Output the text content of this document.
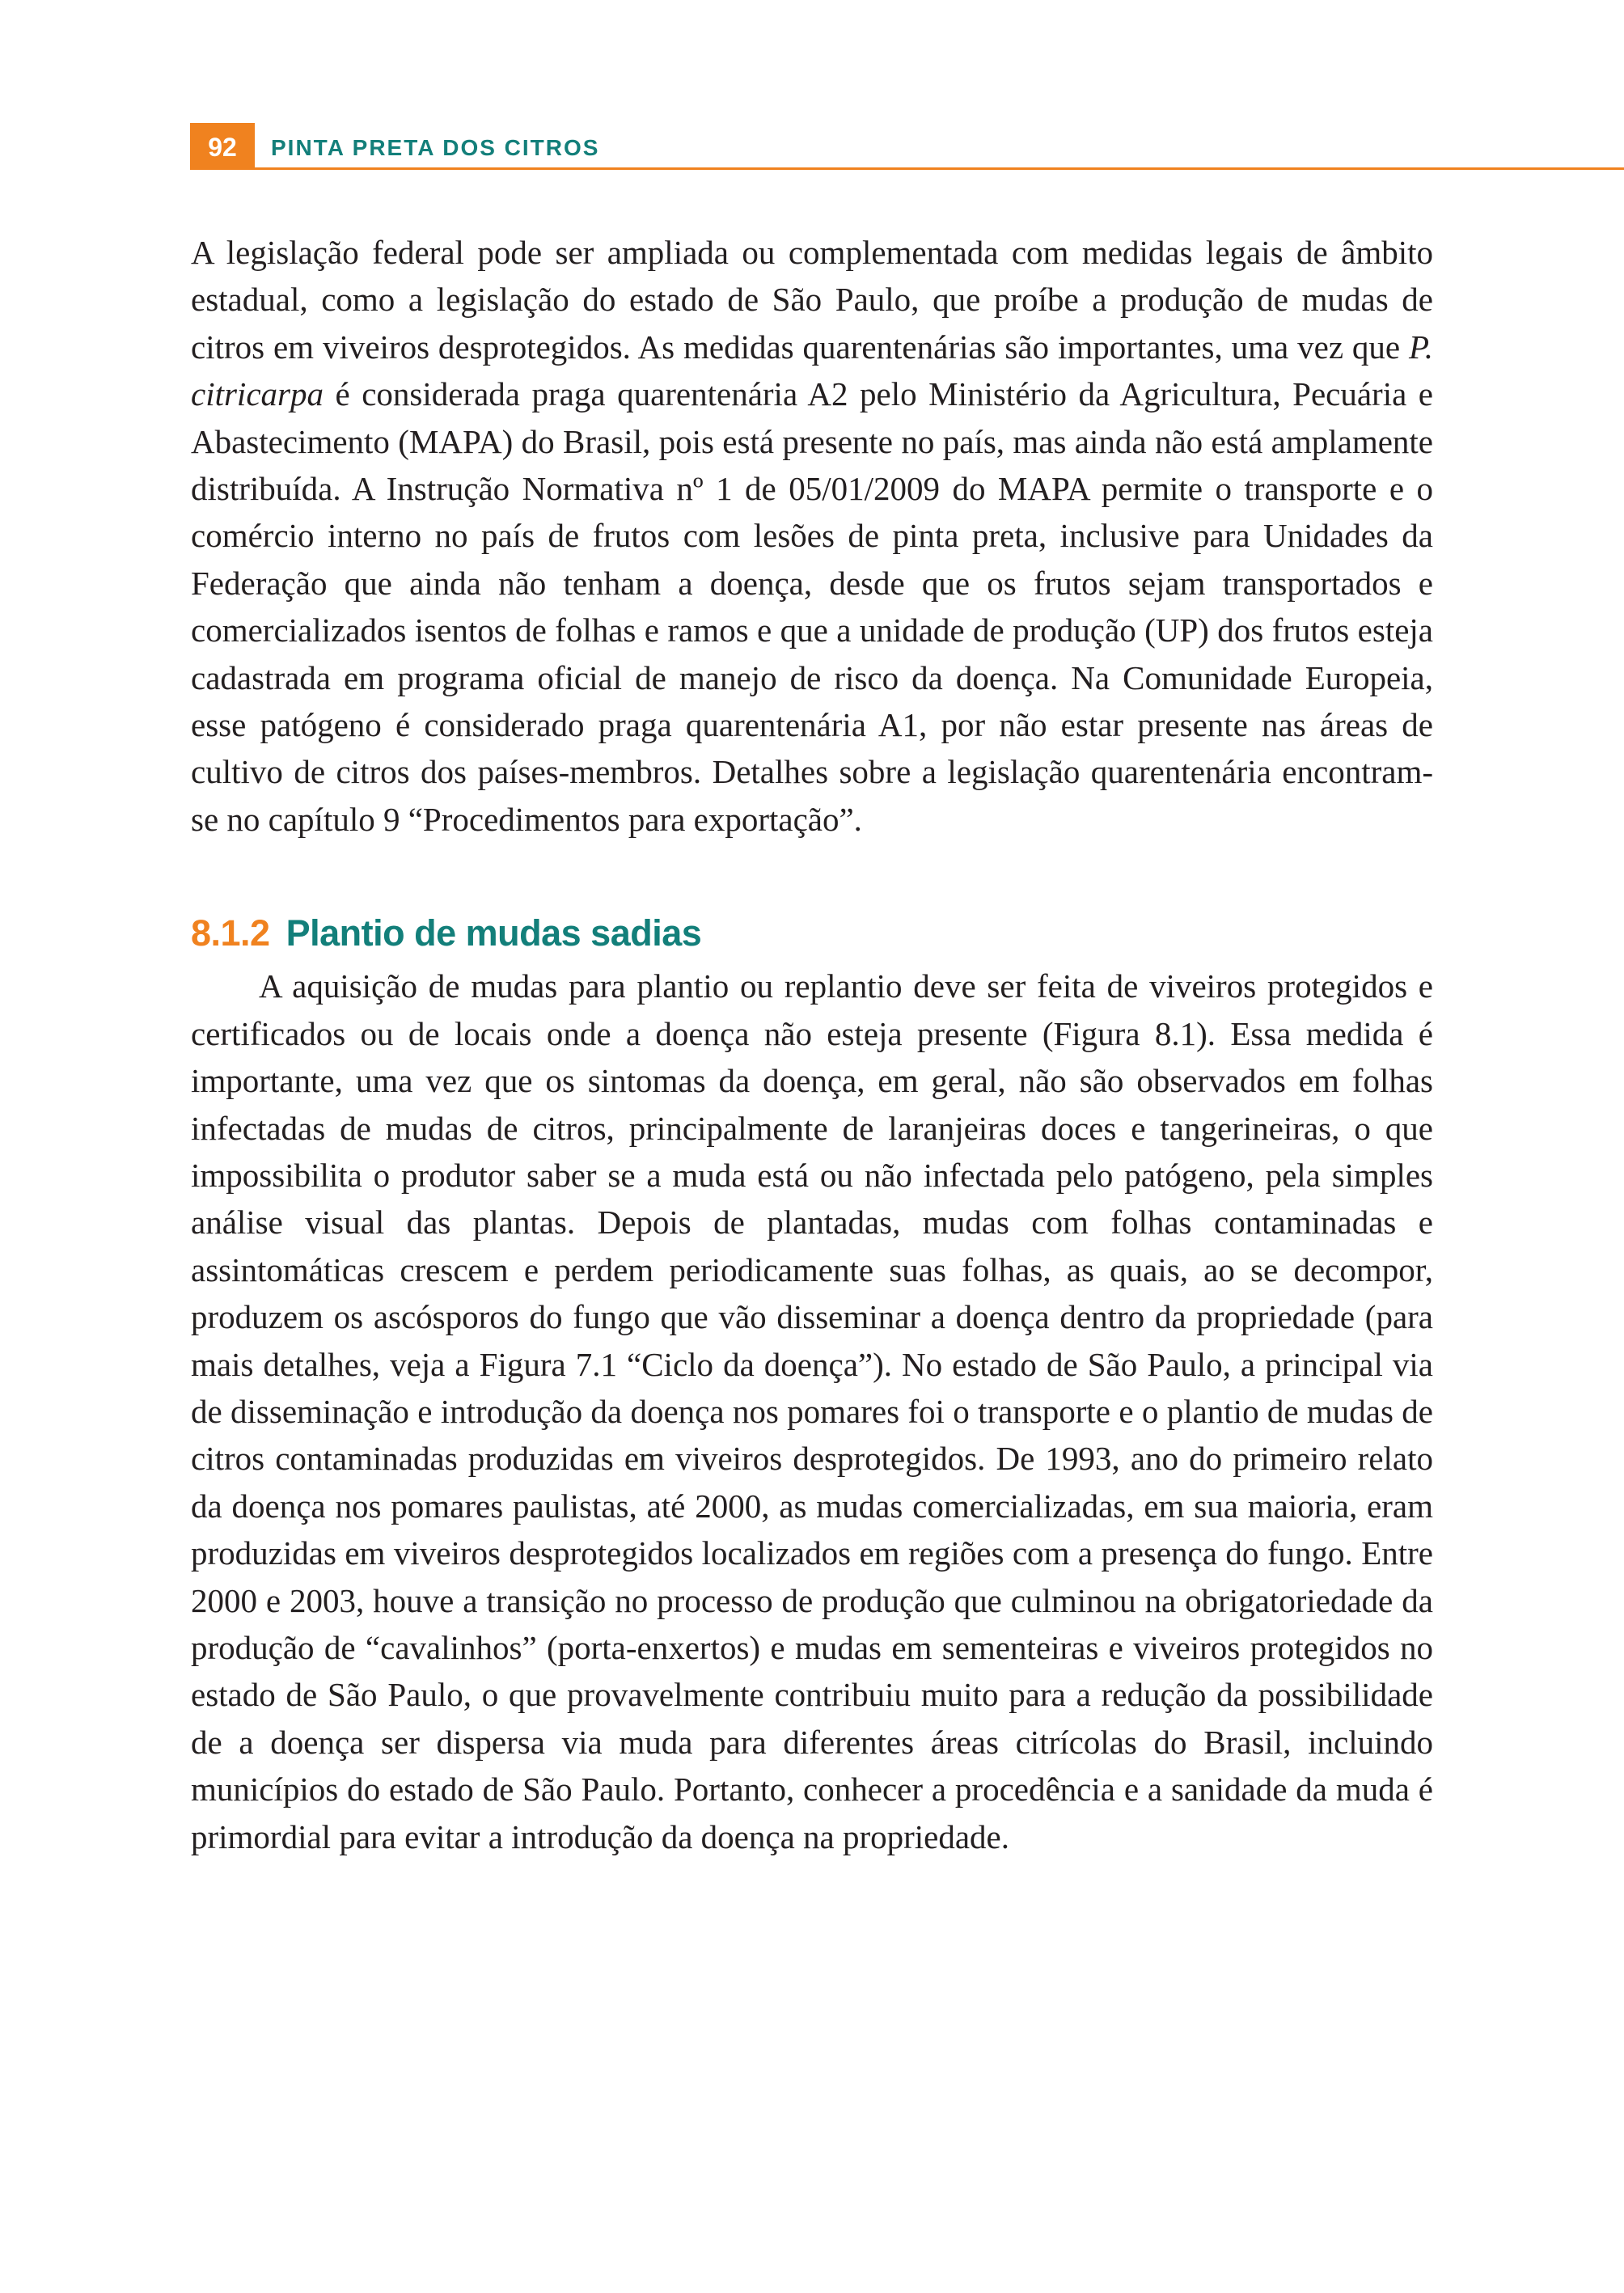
92	PINTA PRETA DOS CITROS

A legislação federal pode ser ampliada ou complementada com medidas legais de âmbito estadual, como a legislação do estado de São Paulo, que proíbe a produção de mudas de citros em viveiros desprotegidos. As medidas quarentenárias são importantes, uma vez que P. citricarpa é considerada praga quarentenária A2 pelo Ministério da Agricultura, Pecuária e Abastecimento (MAPA) do Brasil, pois está presente no país, mas ainda não está amplamente distribuída. A Instrução Normativa nº 1 de 05/01/2009 do MAPA permite o transporte e o comércio interno no país de frutos com lesões de pinta preta, inclusive para Unidades da Federação que ainda não tenham a doença, desde que os frutos sejam transportados e comercializados isentos de folhas e ramos e que a unidade de produção (UP) dos frutos esteja cadastrada em programa oficial de manejo de risco da doença. Na Comunidade Europeia, esse patógeno é considerado praga quarentenária A1, por não estar presente nas áreas de cultivo de citros dos países-membros. Detalhes sobre a legislação quarentenária encontram-se no capítulo 9 “Procedimentos para exportação”.

8.1.2 Plantio de mudas sadias

A aquisição de mudas para plantio ou replantio deve ser feita de viveiros protegidos e certificados ou de locais onde a doença não esteja presente (Figura 8.1). Essa medida é importante, uma vez que os sintomas da doença, em geral, não são observados em folhas infectadas de mudas de citros, principalmente de laranjeiras doces e tangerineiras, o que impossibilita o produtor saber se a muda está ou não infectada pelo patógeno, pela simples análise visual das plantas. Depois de plantadas, mudas com folhas contaminadas e assintomáticas crescem e perdem periodicamente suas folhas, as quais, ao se decompor, produzem os ascósporos do fungo que vão disseminar a doença dentro da propriedade (para mais detalhes, veja a Figura 7.1 “Ciclo da doença”). No estado de São Paulo, a principal via de disseminação e introdução da doença nos pomares foi o transporte e o plantio de mudas de citros contaminadas produzidas em viveiros desprotegidos. De 1993, ano do primeiro relato da doença nos pomares paulistas, até 2000, as mudas comercializadas, em sua maioria, eram produzidas em viveiros desprotegidos localizados em regiões com a presença do fungo. Entre 2000 e 2003, houve a transição no processo de produção que culminou na obrigatoriedade da produção de “cavalinhos” (porta-enxertos) e mudas em sementeiras e viveiros protegidos no estado de São Paulo, o que provavelmente contribuiu muito para a redução da possibilidade de a doença ser dispersa via muda para diferentes áreas citrícolas do Brasil, incluindo municípios do estado de São Paulo. Portanto, conhecer a procedência e a sanidade da muda é primordial para evitar a introdução da doença na propriedade.
